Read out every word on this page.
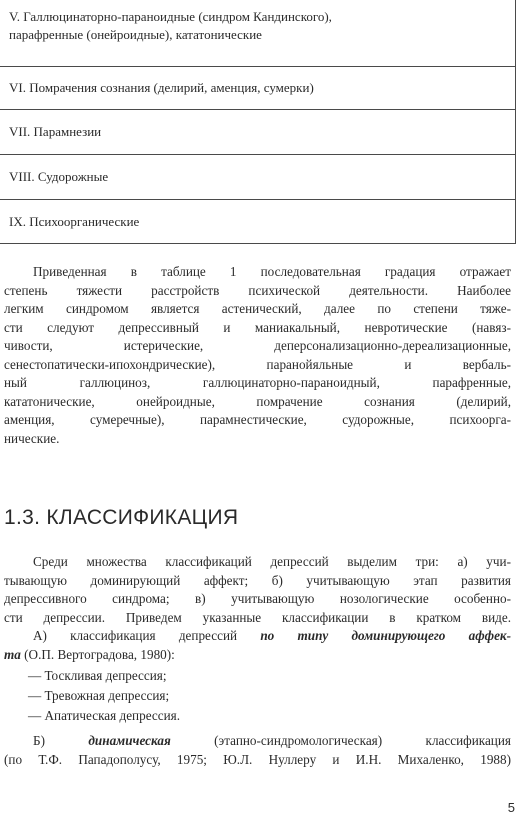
V. Галлюцинаторно-параноидные (синдром Кандинского),
парафренные (онейроидные), кататонические
VI. Помрачения сознания (делирий, аменция, сумерки)
VII. Парамнезии
VIII. Судорожные
IX. Психоорганические
Приведенная в таблице 1 последовательная градация отражает
степень тяжести расстройств психической деятельности. Наиболее
легким синдромом является астенический, далее по степени тяже-
сти следуют депрессивный и маниакальный, невротические (навяз-
чивости, истерические, деперсонализационно-дереализационные,
сенестопатически-ипохондрические), паранойяльные и вербаль-
ный галлюциноз, галлюцинаторно-параноидный, парафренные,
кататонические, онейроидные, помрачение сознания (делирий,
аменция, сумеречные), парамнестические, судорожные, психоорга-
нические.
1.3. КЛАССИФИКАЦИЯ
Среди множества классификаций депрессий выделим три: а) учи-
тывающую доминирующий аффект; б) учитывающую этап развития
депрессивного синдрома; в) учитывающую нозологические особенно-
сти депрессии. Приведем указанные классификации в кратком виде.
А) классификация депрессий по типу доминирующего аффек-
та (О.П. Вертоградова, 1980):
— Тоскливая депрессия;
— Тревожная депрессия;
— Апатическая депрессия.
Б) динамическая (этапно-синдромологическая) классификация
(по Т.Ф. Пападополусу, 1975; Ю.Л. Нуллеру и И.Н. Михаленко, 1988)
5
